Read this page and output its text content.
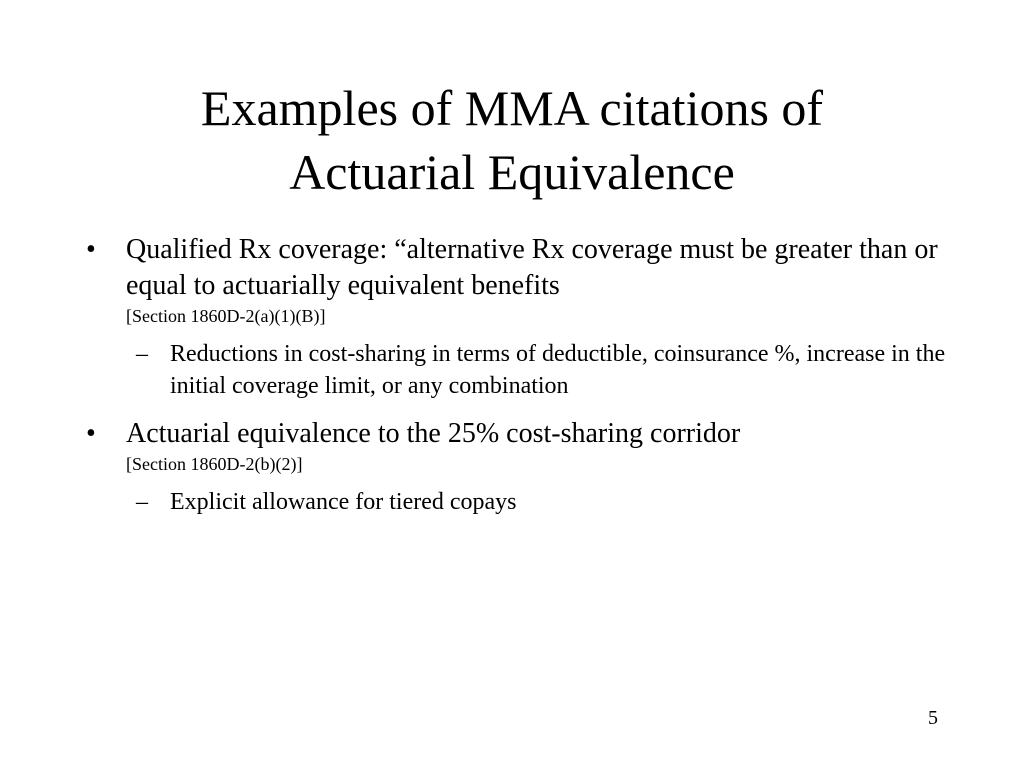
Examples of MMA citations of
Actuarial Equivalence
•	Qualified Rx coverage: “alternative Rx coverage must be greater than or equal to actuarially equivalent benefits
[Section 1860D-2(a)(1)(B)]
– Reductions in cost-sharing in terms of deductible, coinsurance %, increase in the initial coverage limit, or any combination
•	Actuarial equivalence to the 25% cost-sharing corridor
[Section 1860D-2(b)(2)]
– Explicit allowance for tiered copays
5
